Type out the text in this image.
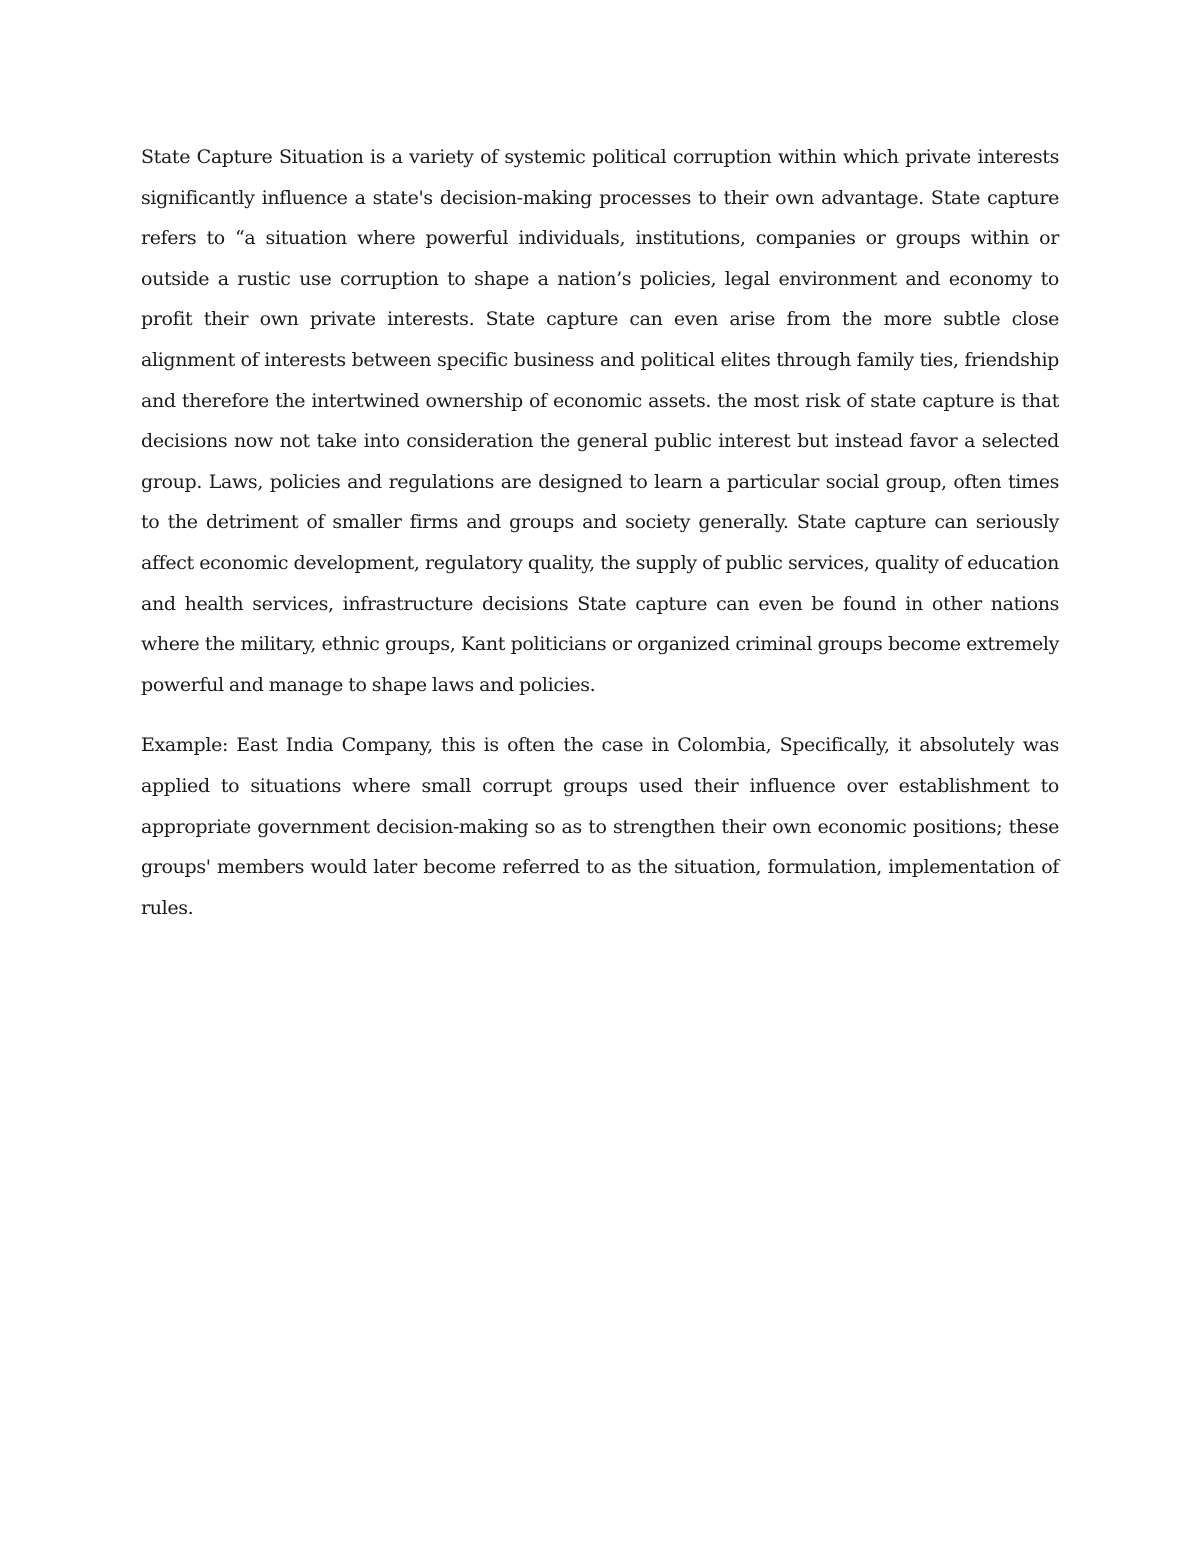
State Capture Situation is a variety of systemic political corruption within which private interests significantly influence a state's decision-making processes to their own advantage. State capture refers to “a situation where powerful individuals, institutions, companies or groups within or outside a rustic use corruption to shape a nation’s policies, legal environment and economy to profit their own private interests. State capture can even arise from the more subtle close alignment of interests between specific business and political elites through family ties, friendship and therefore the intertwined ownership of economic assets. the most risk of state capture is that decisions now not take into consideration the general public interest but instead favor a selected group. Laws, policies and regulations are designed to learn a particular social group, often times to the detriment of smaller firms and groups and society generally. State capture can seriously affect economic development, regulatory quality, the supply of public services, quality of education and health services, infrastructure decisions State capture can even be found in other nations where the military, ethnic groups, Kant politicians or organized criminal groups become extremely powerful and manage to shape laws and policies.

Example: East India Company, this is often the case in Colombia, Specifically, it absolutely was applied to situations where small corrupt groups used their influence over establishment to appropriate government decision-making so as to strengthen their own economic positions; these groups' members would later become referred to as the situation, formulation, implementation of rules.
